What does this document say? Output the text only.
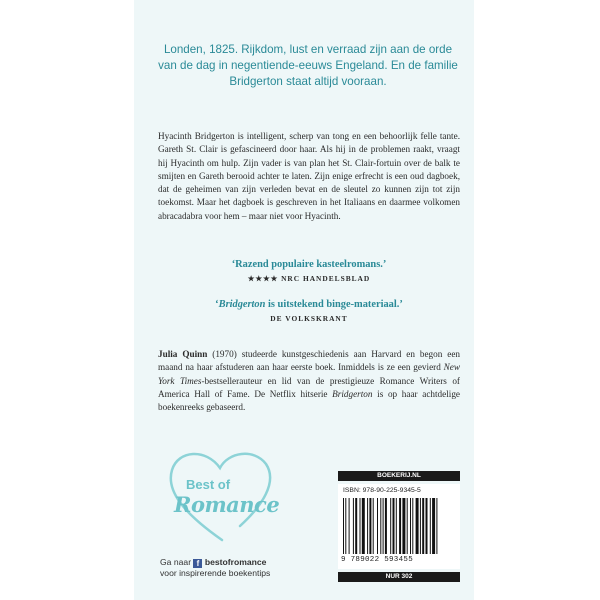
Londen, 1825. Rijkdom, lust en verraad zijn aan de orde van de dag in negentiende-eeuws Engeland. En de familie Bridgerton staat altijd vooraan.
Hyacinth Bridgerton is intelligent, scherp van tong en een behoorlijk felle tante. Gareth St. Clair is gefascineerd door haar. Als hij in de problemen raakt, vraagt hij Hyacinth om hulp. Zijn vader is van plan het St. Clair-fortuin over de balk te smijten en Gareth berooid achter te laten. Zijn enige erfrecht is een oud dagboek, dat de geheimen van zijn verleden bevat en de sleutel zo kunnen zijn tot zijn toekomst. Maar het dagboek is geschreven in het Italiaans en daarmee volkomen abracadabra voor hem – maar niet voor Hyacinth.
‘Razend populaire kasteelromans.’
★★★★ NRC HANDELSBLAD
‘Bridgerton is uitstekend binge-materiaal.’
DE VOLKSKRANT
Julia Quinn (1970) studeerde kunstgeschiedenis aan Harvard en begon een maand na haar afstuderen aan haar eerste boek. Inmiddels is ze een gevierd New York Times-bestsellerauteur en lid van de prestigieuze Romance Writers of America Hall of Fame. De Netflix hitserie Bridgerton is op haar achtdelige boekenreeks gebaseerd.
Best of
Romance
Ga naar f bestofromance
voor inspirerende boekentips
BOEKERIJ.NL
ISBN: 978-90-225-9345-5
9 789022 593455
NUR 302
